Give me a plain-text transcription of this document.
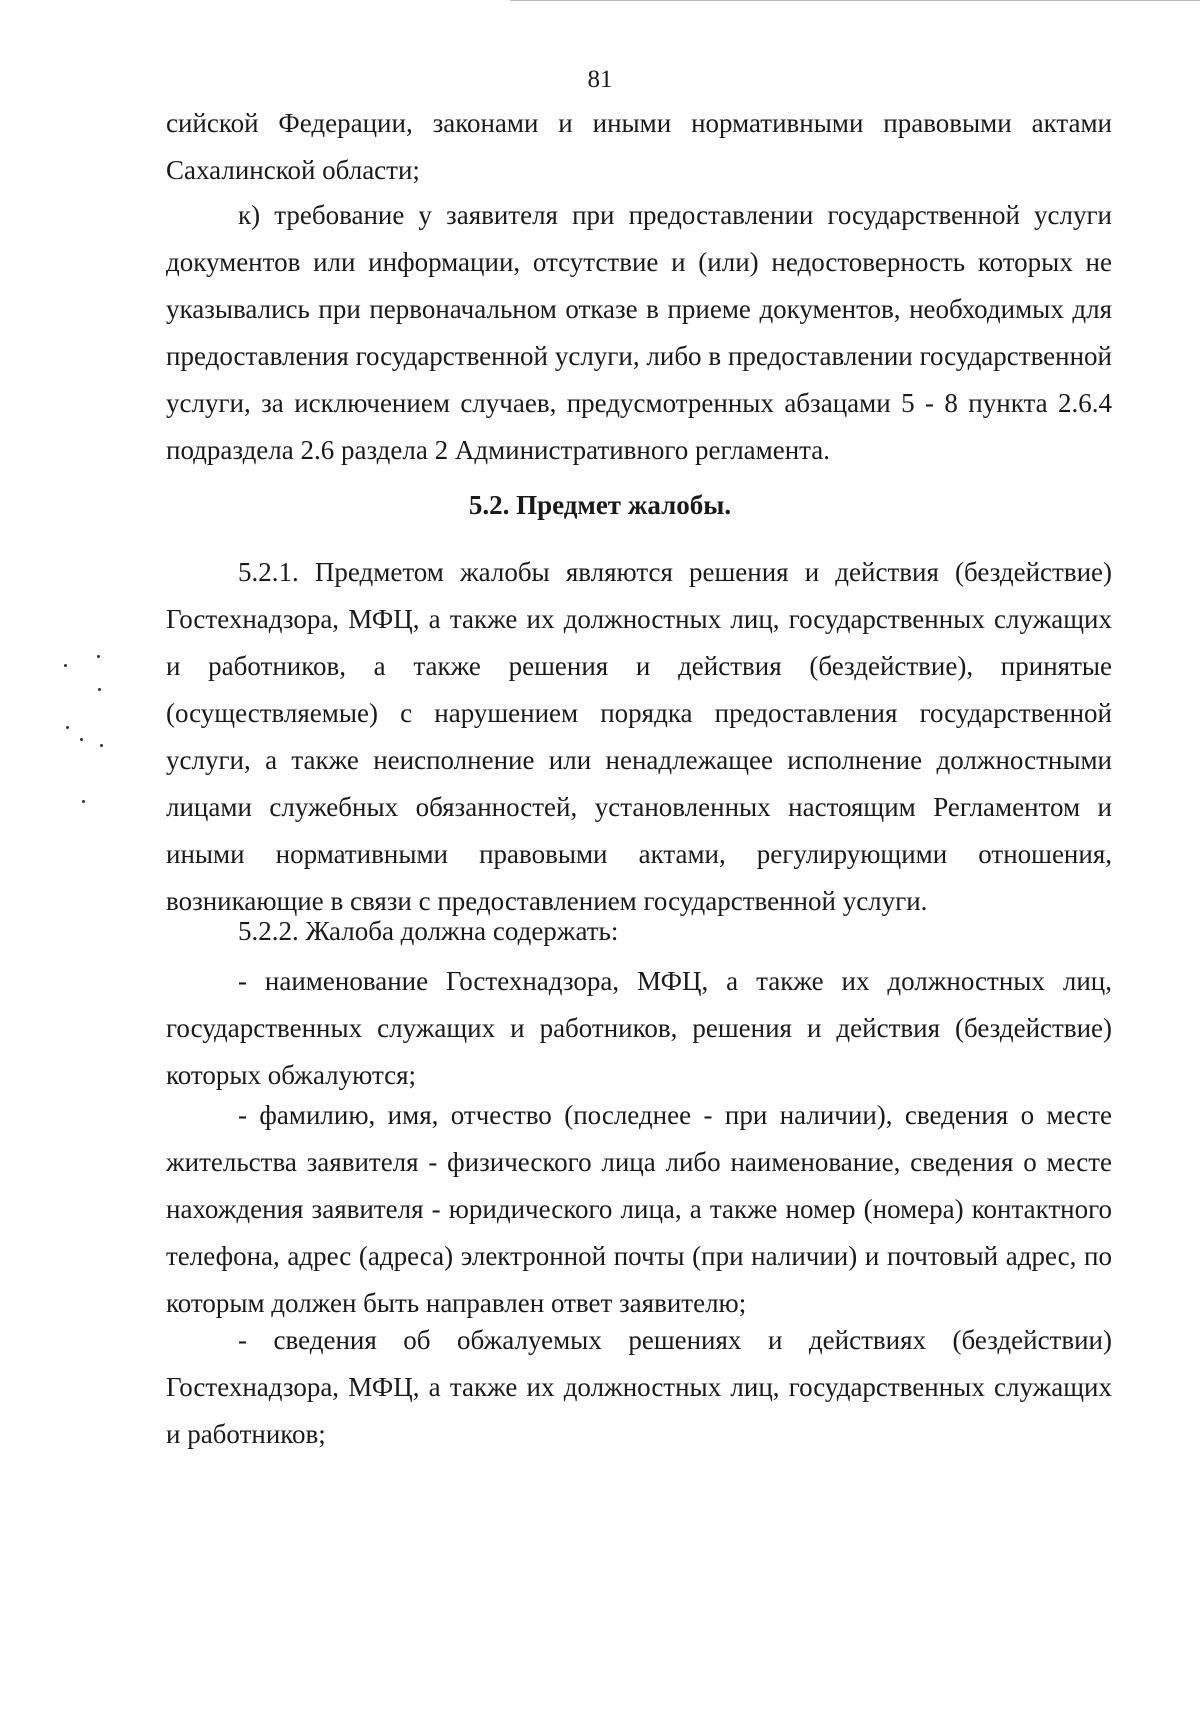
81

сийской Федерации, законами и иными нормативными правовыми актами Сахалинской области;

к) требование у заявителя при предоставлении государственной услуги документов или информации, отсутствие и (или) недостоверность которых не указывались при первоначальном отказе в приеме документов, необходимых для предоставления государственной услуги, либо в предоставлении государственной услуги, за исключением случаев, предусмотренных абзацами 5 - 8 пункта 2.6.4 подраздела 2.6 раздела 2 Административного регламента.

5.2. Предмет жалобы.

5.2.1. Предметом жалобы являются решения и действия (бездействие) Гостехнадзора, МФЦ, а также их должностных лиц, государственных служащих и работников, а также решения и действия (бездействие), принятые (осуществляемые) с нарушением порядка предоставления государственной услуги, а также неисполнение или ненадлежащее исполнение должностными лицами служебных обязанностей, установленных настоящим Регламентом и иными нормативными правовыми актами, регулирующими отношения, возникающие в связи с предоставлением государственной услуги.

5.2.2. Жалоба должна содержать:

- наименование Гостехнадзора, МФЦ, а также их должностных лиц, государственных служащих и работников, решения и действия (бездействие) которых обжалуются;

- фамилию, имя, отчество (последнее - при наличии), сведения о месте жительства заявителя - физического лица либо наименование, сведения о месте нахождения заявителя - юридического лица, а также номер (номера) контактного телефона, адрес (адреса) электронной почты (при наличии) и почтовый адрес, по которым должен быть направлен ответ заявителю;

- сведения об обжалуемых решениях и действиях (бездействии) Гостехнадзора, МФЦ, а также их должностных лиц, государственных служащих и работников;
